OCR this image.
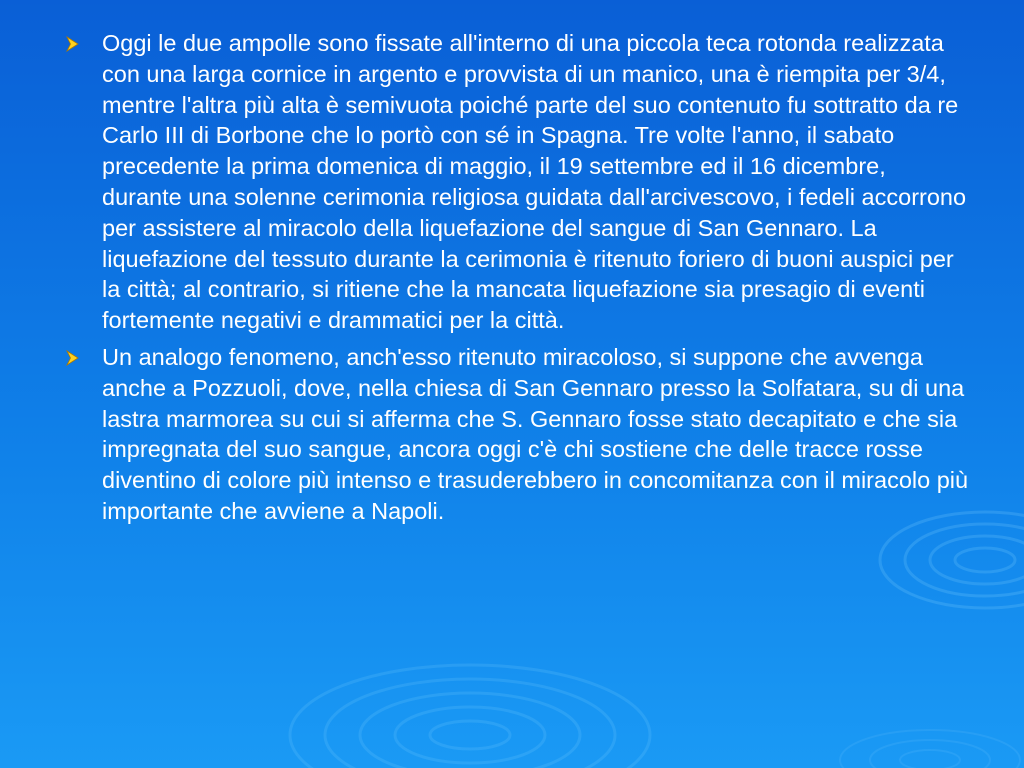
Oggi le due ampolle sono fissate all'interno di una piccola teca rotonda realizzata con una larga cornice in argento e provvista di un manico, una è riempita per 3/4, mentre l'altra più alta è semivuota poiché parte del suo contenuto fu sottratto da re Carlo III di Borbone che lo portò con sé in Spagna. Tre volte l'anno, il sabato precedente la prima domenica di maggio, il 19 settembre ed il 16 dicembre, durante una solenne cerimonia religiosa guidata dall'arcivescovo, i fedeli accorrono per assistere al miracolo della liquefazione del sangue di San Gennaro. La liquefazione del tessuto durante la cerimonia è ritenuto foriero di buoni auspici per la città; al contrario, si ritiene che la mancata liquefazione sia presagio di eventi fortemente negativi e drammatici per la città.
Un analogo fenomeno, anch'esso ritenuto miracoloso, si suppone che avvenga anche a Pozzuoli, dove, nella chiesa di San Gennaro presso la Solfatara, su di una lastra marmorea su cui si afferma che S. Gennaro fosse stato decapitato e che sia impregnata del suo sangue, ancora oggi c'è chi sostiene che delle tracce rosse diventino di colore più intenso e trasuderebbero in concomitanza con il miracolo più importante che avviene a Napoli.
